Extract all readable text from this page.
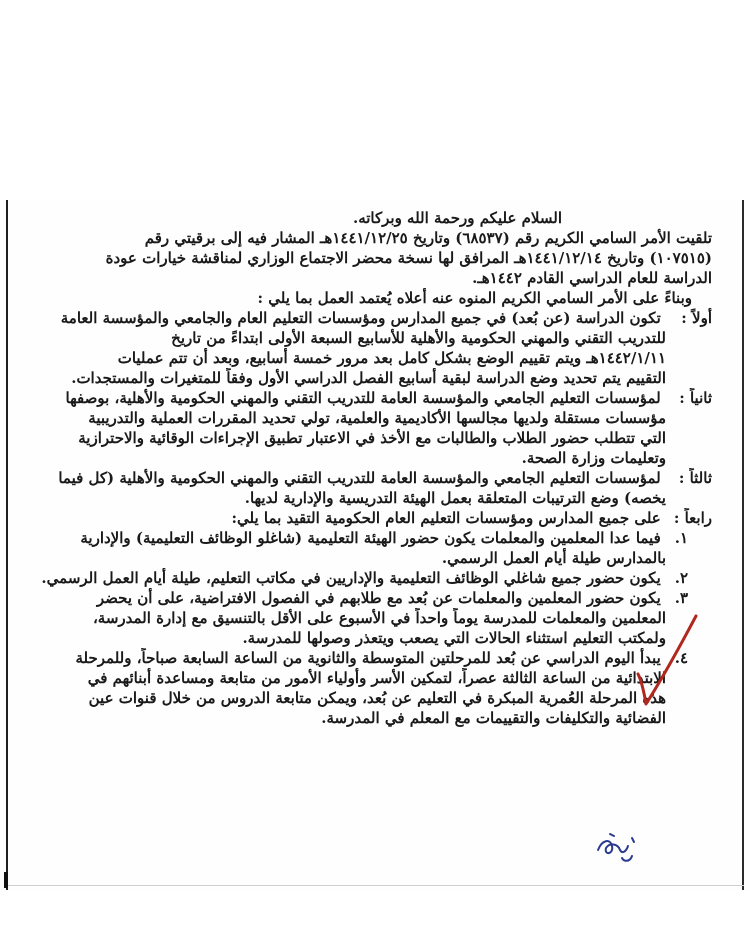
السلام عليكم ورحمة الله وبركاته.
تلقيت الأمر السامي الكريم رقم (٦٨٥٣٧) وتاريخ ١٤٤١/١٢/٢٥هـ المشار فيه إلى برقيتي رقم
(١٠٧٥١٥) وتاريخ ١٤٤١/١٢/١٤هـ المرافق لها نسخة محضر الاجتماع الوزاري لمناقشة خيارات عودة
الدراسة للعام الدراسي القادم ١٤٤٢هـ.
وبناءً على الأمر السامي الكريم المنوه عنه أعلاه يُعتمد العمل بما يلي :
أولاً : تكون الدراسة (عن بُعد) في جميع المدارس ومؤسسات التعليم العام والجامعي والمؤسسة العامة
للتدريب التقني والمهني الحكومية والأهلية للأسابيع السبعة الأولى ابتداءً من تاريخ
١٤٤٢/١/١١هـ ويتم تقييم الوضع بشكل كامل بعد مرور خمسة أسابيع، وبعد أن تتم عمليات
التقييم يتم تحديد وضع الدراسة لبقية أسابيع الفصل الدراسي الأول وفقاً للمتغيرات والمستجدات.
ثانياً : لمؤسسات التعليم الجامعي والمؤسسة العامة للتدريب التقني والمهني الحكومية والأهلية، بوصفها
مؤسسات مستقلة ولديها مجالسها الأكاديمية والعلمية، تولي تحديد المقررات العملية والتدريبية
التي تتطلب حضور الطلاب والطالبات مع الأخذ في الاعتبار تطبيق الإجراءات الوقائية والاحترازية
وتعليمات وزارة الصحة.
ثالثاً : لمؤسسات التعليم الجامعي والمؤسسة العامة للتدريب التقني والمهني الحكومية والأهلية (كل فيما
يخصه) وضع الترتيبات المتعلقة بعمل الهيئة التدريسية والإدارية لديها.
رابعاً : على جميع المدارس ومؤسسات التعليم العام الحكومية التقيد بما يلي:
١. فيما عدا المعلمين والمعلمات يكون حضور الهيئة التعليمية (شاغلو الوظائف التعليمية) والإدارية
بالمدارس طيلة أيام العمل الرسمي.
٢. يكون حضور جميع شاغلي الوظائف التعليمية والإداريين في مكاتب التعليم، طيلة أيام العمل الرسمي.
٣. يكون حضور المعلمين والمعلمات عن بُعد مع طلابهم في الفصول الافتراضية، على أن يحضر
المعلمين والمعلمات للمدرسة يوماً واحداً في الأسبوع على الأقل بالتنسيق مع إدارة المدرسة،
ولمكتب التعليم استثناء الحالات التي يصعب ويتعذر وصولها للمدرسة.
٤. يبدأ اليوم الدراسي عن بُعد للمرحلتين المتوسطة والثانوية من الساعة السابعة صباحاً، وللمرحلة
الابتدائية من الساعة الثالثة عصراً، لتمكين الأسر وأولياء الأمور من متابعة ومساعدة أبنائهم في
هذه المرحلة العُمرية المبكرة في التعليم عن بُعد، ويمكن متابعة الدروس من خلال قنوات عين
الفضائية والتكليفات والتقييمات مع المعلم في المدرسة.
